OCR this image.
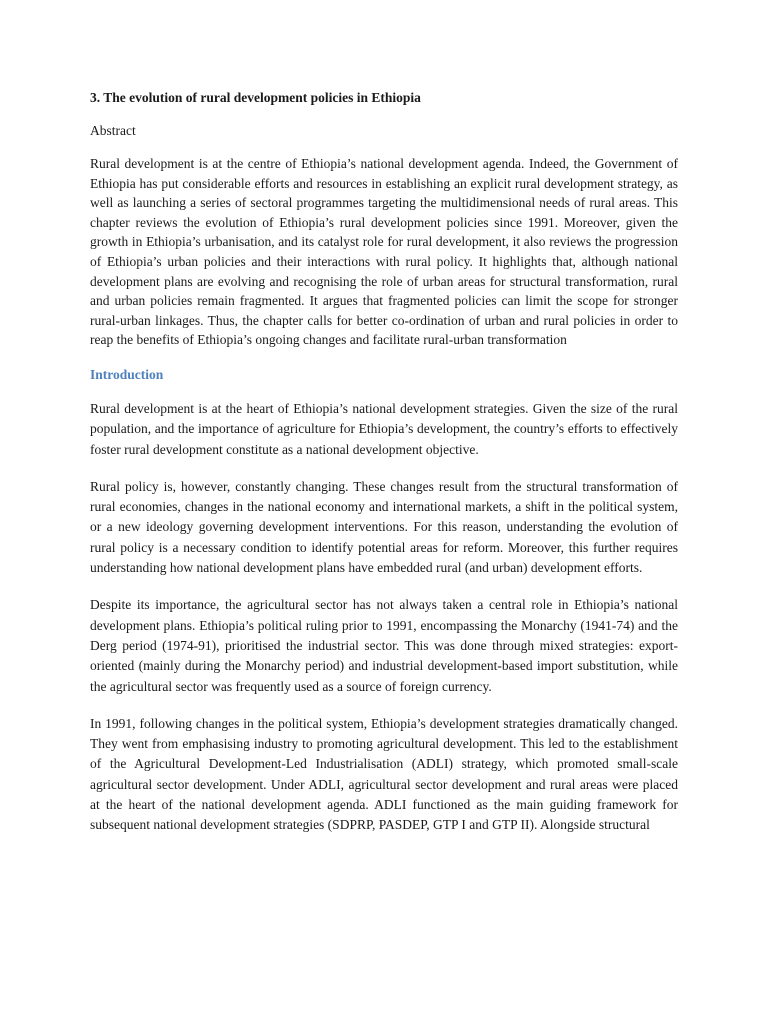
3. The evolution of rural development policies in Ethiopia
Abstract

Rural development is at the centre of Ethiopia’s national development agenda. Indeed, the Government of Ethiopia has put considerable efforts and resources in establishing an explicit rural development strategy, as well as launching a series of sectoral programmes targeting the multidimensional needs of rural areas. This chapter reviews the evolution of Ethiopia’s rural development policies since 1991. Moreover, given the growth in Ethiopia’s urbanisation, and its catalyst role for rural development, it also reviews the progression of Ethiopia’s urban policies and their interactions with rural policy. It highlights that, although national development plans are evolving and recognising the role of urban areas for structural transformation, rural and urban policies remain fragmented. It argues that fragmented policies can limit the scope for stronger rural-urban linkages. Thus, the chapter calls for better co-ordination of urban and rural policies in order to reap the benefits of Ethiopia’s ongoing changes and facilitate rural-urban transformation

Introduction

Rural development is at the heart of Ethiopia’s national development strategies. Given the size of the rural population, and the importance of agriculture for Ethiopia’s development, the country’s efforts to effectively foster rural development constitute as a national development objective.

Rural policy is, however, constantly changing. These changes result from the structural transformation of rural economies, changes in the national economy and international markets, a shift in the political system, or a new ideology governing development interventions. For this reason, understanding the evolution of rural policy is a necessary condition to identify potential areas for reform. Moreover, this further requires understanding how national development plans have embedded rural (and urban) development efforts.

Despite its importance, the agricultural sector has not always taken a central role in Ethiopia’s national development plans. Ethiopia’s political ruling prior to 1991, encompassing the Monarchy (1941-74) and the Derg period (1974-91), prioritised the industrial sector. This was done through mixed strategies: export-oriented (mainly during the Monarchy period) and industrial development-based import substitution, while the agricultural sector was frequently used as a source of foreign currency.

In 1991, following changes in the political system, Ethiopia’s development strategies dramatically changed. They went from emphasising industry to promoting agricultural development. This led to the establishment of the Agricultural Development-Led Industrialisation (ADLI) strategy, which promoted small-scale agricultural sector development. Under ADLI, agricultural sector development and rural areas were placed at the heart of the national development agenda. ADLI functioned as the main guiding framework for subsequent national development strategies (SDPRP, PASDEP, GTP I and GTP II). Alongside structural
